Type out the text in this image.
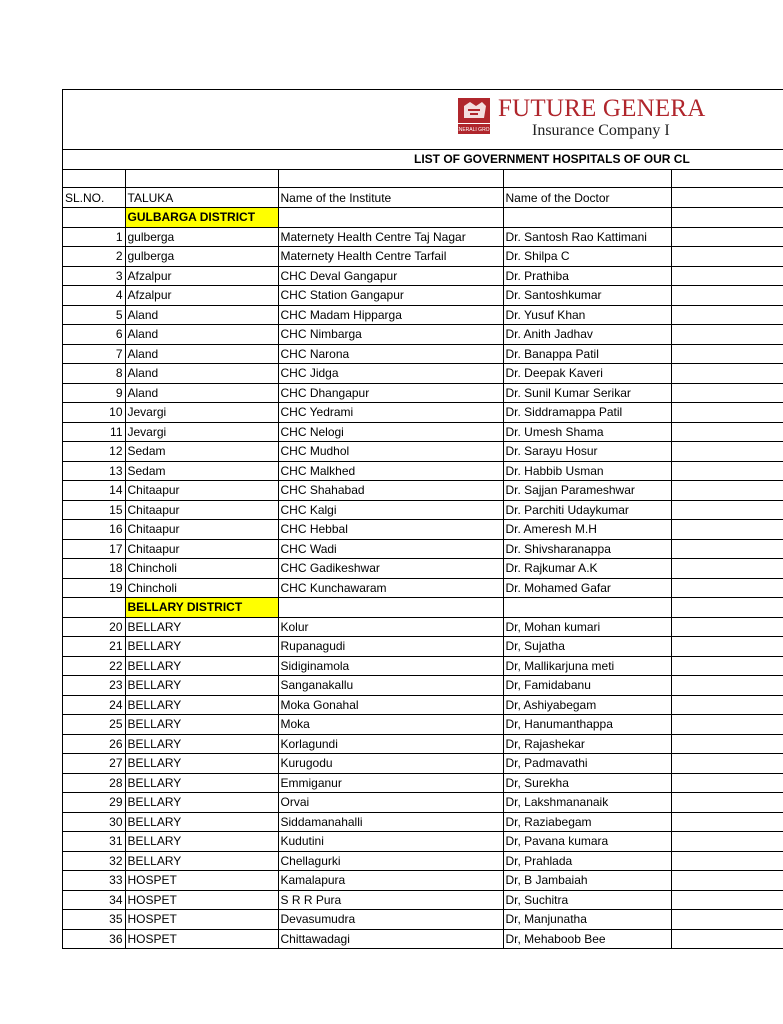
GENERALI GROUP
FUTURE GENERA
Insurance Company I
LIST OF GOVERNMENT HOSPITALS OF OUR CL

SL.NO.	TALUKA	Name of the Institute	Name of the Doctor	
	GULBARGA DISTRICT			
1	gulberga	Maternety Health Centre Taj Nagar	Dr. Santosh Rao Kattimani	
2	gulberga	Maternety Health Centre Tarfail	Dr. Shilpa C	
3	Afzalpur	CHC Deval Gangapur	Dr. Prathiba	
4	Afzalpur	CHC Station Gangapur	Dr. Santoshkumar	
5	Aland	CHC Madam Hipparga	Dr. Yusuf Khan	
6	Aland	CHC Nimbarga	Dr. Anith Jadhav	
7	Aland	CHC Narona	Dr. Banappa Patil	
8	Aland	CHC Jidga	Dr. Deepak Kaveri	
9	Aland	CHC Dhangapur	Dr. Sunil Kumar Serikar	
10	Jevargi	CHC Yedrami	Dr. Siddramappa Patil	
11	Jevargi	CHC Nelogi	Dr. Umesh Shama	
12	Sedam	CHC Mudhol	Dr. Sarayu Hosur	
13	Sedam	CHC Malkhed	Dr. Habbib Usman	
14	Chitaapur	CHC Shahabad	Dr. Sajjan Parameshwar	
15	Chitaapur	CHC Kalgi	Dr. Parchiti Udaykumar	
16	Chitaapur	CHC Hebbal	Dr. Ameresh M.H	
17	Chitaapur	CHC Wadi	Dr. Shivsharanappa	
18	Chincholi	CHC Gadikeshwar	Dr. Rajkumar A.K	
19	Chincholi	CHC Kunchawaram	Dr. Mohamed Gafar	
	BELLARY DISTRICT			
20	BELLARY	Kolur	Dr, Mohan kumari	
21	BELLARY	Rupanagudi	Dr, Sujatha	
22	BELLARY	Sidiginamola	Dr, Mallikarjuna meti	
23	BELLARY	Sanganakallu	Dr, Famidabanu	
24	BELLARY	Moka Gonahal	Dr, Ashiyabegam	
25	BELLARY	Moka	Dr, Hanumanthappa	
26	BELLARY	Korlagundi	Dr, Rajashekar	
27	BELLARY	Kurugodu	Dr, Padmavathi	
28	BELLARY	Emmiganur	Dr, Surekha	
29	BELLARY	Orvai	Dr, Lakshmananaik	
30	BELLARY	Siddamanahalli	Dr, Raziabegam	
31	BELLARY	Kudutini	Dr, Pavana kumara	
32	BELLARY	Chellagurki	Dr, Prahlada	
33	HOSPET	Kamalapura	Dr, B Jambaiah	
34	HOSPET	S R R Pura	Dr, Suchitra	
35	HOSPET	Devasumudra	Dr, Manjunatha	
36	HOSPET	Chittawadagi	Dr, Mehaboob Bee	
